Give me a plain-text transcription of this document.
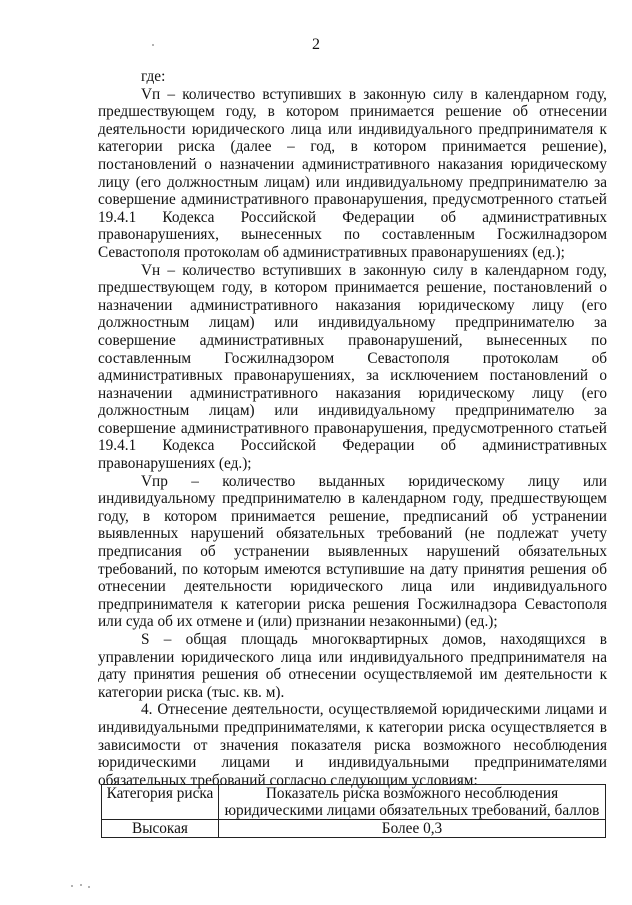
2

где:

Vп – количество вступивших в законную силу в календарном году, предшествующем году, в котором принимается решение об отнесении деятельности юридического лица или индивидуального предпринимателя к категории риска (далее – год, в котором принимается решение), постановлений о назначении административного наказания юридическому лицу (его должностным лицам) или индивидуальному предпринимателю за совершение административного правонарушения, предусмотренного статьей 19.4.1 Кодекса Российской Федерации об административных правонарушениях, вынесенных по составленным Госжилнадзором Севастополя протоколам об административных правонарушениях (ед.);

Vн – количество вступивших в законную силу в календарном году, предшествующем году, в котором принимается решение, постановлений о назначении административного наказания юридическому лицу (его должностным лицам) или индивидуальному предпринимателю за совершение административных правонарушений, вынесенных по составленным Госжилнадзором Севастополя протоколам об административных правонарушениях, за исключением постановлений о назначении административного наказания юридическому лицу (его должностным лицам) или индивидуальному предпринимателю за совершение административного правонарушения, предусмотренного статьей 19.4.1 Кодекса Российской Федерации об административных правонарушениях (ед.);

Vпр – количество выданных юридическому лицу или индивидуальному предпринимателю в календарном году, предшествующем году, в котором принимается решение, предписаний об устранении выявленных нарушений обязательных требований (не подлежат учету предписания об устранении выявленных нарушений обязательных требований, по которым имеются вступившие на дату принятия решения об отнесении деятельности юридического лица или индивидуального предпринимателя к категории риска решения Госжилнадзора Севастополя или суда об их отмене и (или) признании незаконными) (ед.);

S – общая площадь многоквартирных домов, находящихся в управлении юридического лица или индивидуального предпринимателя на дату принятия решения об отнесении осуществляемой им деятельности к категории риска (тыс. кв. м).

4. Отнесение деятельности, осуществляемой юридическими лицами и индивидуальными предпринимателями, к категории риска осуществляется в зависимости от значения показателя риска возможного несоблюдения юридическими лицами и индивидуальными предпринимателями обязательных требований согласно следующим условиям:

Категория риска	Показатель риска возможного несоблюдения юридическими лицами обязательных требований, баллов
Высокая	Более 0,3
